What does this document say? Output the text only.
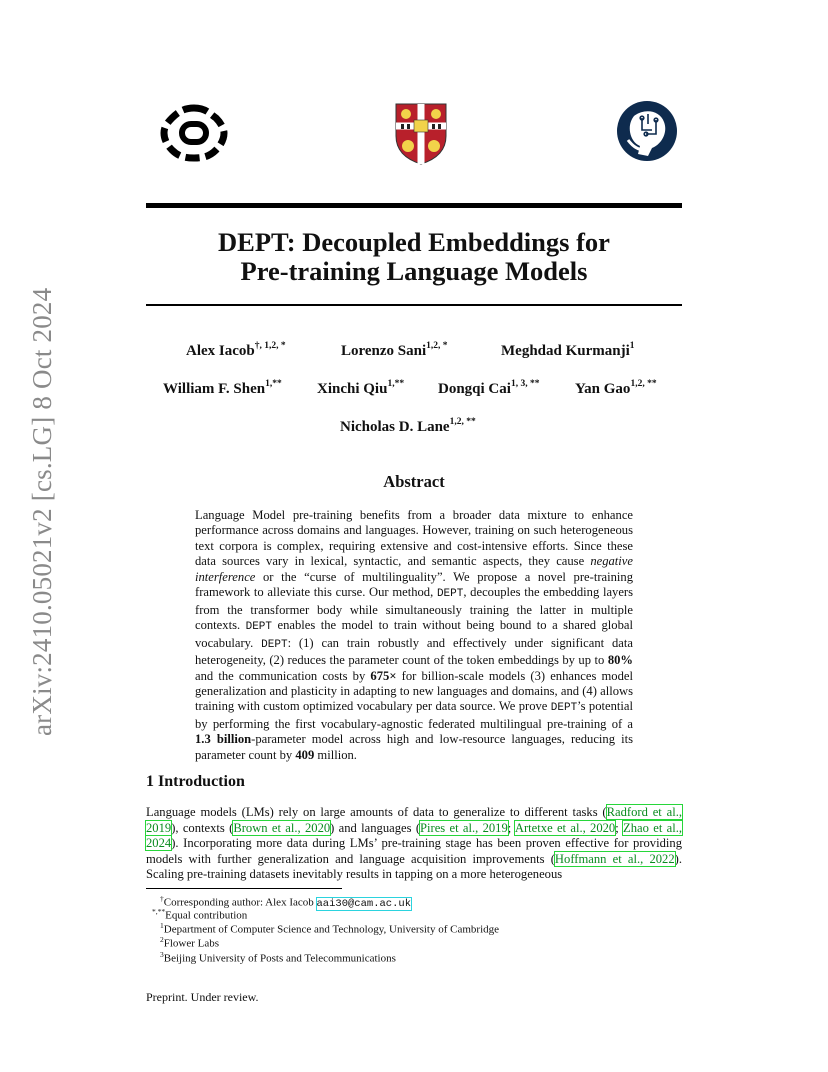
arXiv:2410.05021v2 [cs.LG] 8 Oct 2024
DEPT: Decoupled Embeddings for
Pre-training Language Models
Alex Iacob$^{\dagger, 1,2, *}$	Lorenzo Sani$^{1,2, *}$	Meghdad Kurmanji$^1$
William F. Shen$^{1,**}$ Xinchi Qiu$^{1,**}$ Dongqi Cai$^{1, 3, **}$ Yan Gao$^{1,2, **}$
Nicholas D. Lane$^{1,2, **}$
Abstract

Language Model pre-training benefits from a broader data mixture to enhance performance across domains and languages. However, training on such heterogeneous text corpora is complex, requiring extensive and cost-intensive efforts. Since these data sources vary in lexical, syntactic, and semantic aspects, they cause negative interference or the “curse of multilinguality”. We propose a novel pre-training framework to alleviate this curse. Our method, DEPT, decouples the embedding layers from the transformer body while simultaneously training the latter in multiple contexts. DEPT enables the model to train without being bound to a shared global vocabulary. DEPT: (1) can train robustly and effectively under significant data heterogeneity, (2) reduces the parameter count of the token embeddings by up to 80% and the communication costs by 675× for billion-scale models (3) enhances model generalization and plasticity in adapting to new languages and domains, and (4) allows training with custom optimized vocabulary per data source. We prove DEPT’s potential by performing the first vocabulary-agnostic federated multilingual pre-training of a 1.3 billion-parameter model across high and low-resource languages, reducing its parameter count by 409 million.

1 Introduction

Language models (LMs) rely on large amounts of data to generalize to different tasks (Radford et al., 2019), contexts (Brown et al., 2020) and languages (Pires et al., 2019; Artetxe et al., 2020; Zhao et al., 2024). Incorporating more data during LMs’ pre-training stage has been proven effective for providing models with further generalization and language acquisition improvements (Hoffmann et al., 2022). Scaling pre-training datasets inevitably results in tapping on a more heterogeneous

†Corresponding author: Alex Iacob aai30@cam.ac.uk
*,**Equal contribution
$^1$Department of Computer Science and Technology, University of Cambridge
$^2$Flower Labs
$^3$Beijing University of Posts and Telecommunications
Preprint. Under review.
